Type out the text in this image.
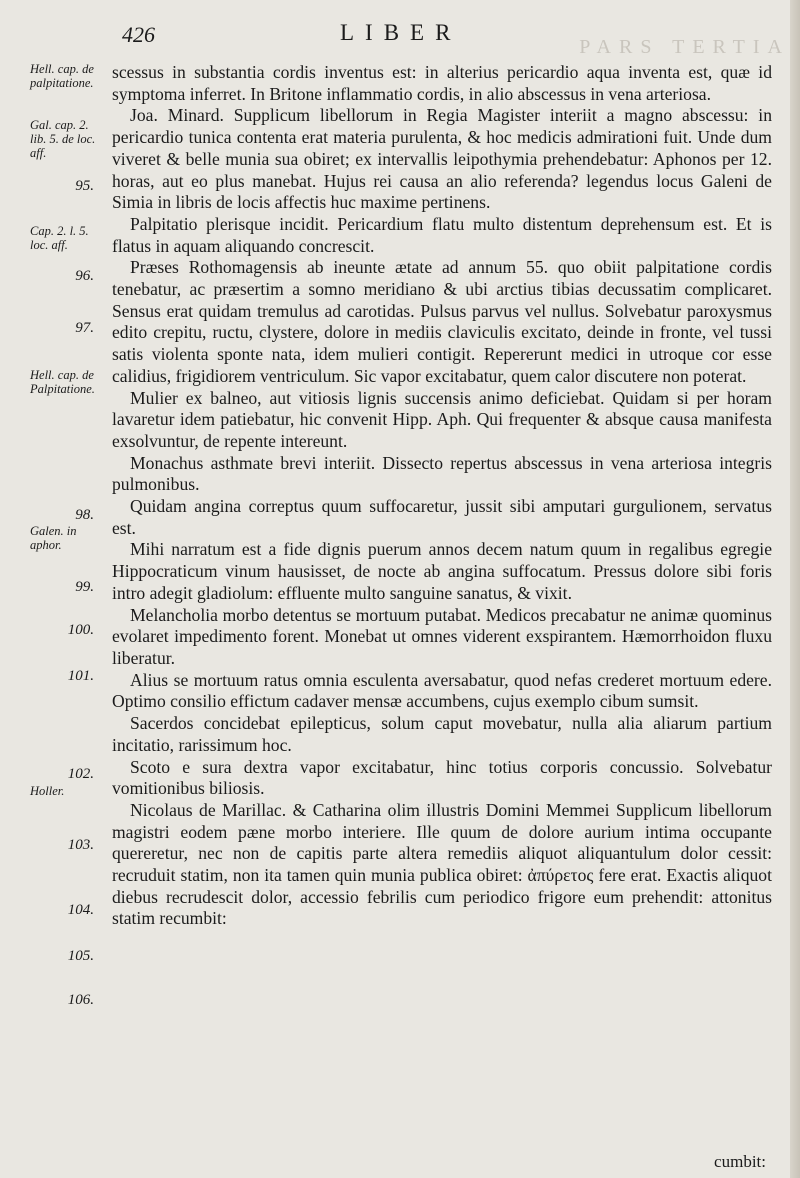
426	LIBER
PARS TERTIA
Hell. cap. de palpitatione.
Gal. cap. 2. lib. 5. de loc. aff.
95.
Cap. 2. l. 5. loc. aff.
96.
97.
Hell. cap. de Palpitatione.
98.
Galen. in aphor.
99.
100.
101.
102.
Holler.
103.
104.
105.
106.

scessus in substantia cordis inventus est: in alterius pericardio aqua inventa est, quæ id symptoma inferret. In Britone inflammatio cordis, in alio abscessus in vena arteriosa.

Joa. Minard. Supplicum libellorum in Regia Magister interiit a magno abscessu: in pericardio tunica contenta erat materia purulenta, & hoc medicis admirationi fuit. Unde dum viveret & belle munia sua obiret; ex intervallis leipothymia prehendebatur: Aphonos per 12. horas, aut eo plus manebat. Hujus rei causa an alio referenda? legendus locus Galeni de Simia in libris de locis affectis huc maxime pertinens.

Palpitatio plerisque incidit. Pericardium flatu multo distentum deprehensum est. Et is flatus in aquam aliquando concrescit.

Præses Rothomagensis ab ineunte ætate ad annum 55. quo obiit palpitatione cordis tenebatur, ac præsertim a somno meridiano & ubi arctius tibias decussatim complicaret. Sensus erat quidam tremulus ad carotidas. Pulsus parvus vel nullus. Solvebatur paroxysmus edito crepitu, ructu, clystere, dolore in mediis claviculis excitato, deinde in fronte, vel tussi satis violenta sponte nata, idem mulieri contigit. Repererunt medici in utroque cor esse calidius, frigidiorem ventriculum. Sic vapor excitabatur, quem calor discutere non poterat.

Mulier ex balneo, aut vitiosis lignis succensis animo deficiebat. Quidam si per horam lavaretur idem patiebatur, hic convenit Hipp. Aph. Qui frequenter & absque causa manifesta exsolvuntur, de repente intereunt.

Monachus asthmate brevi interiit. Dissecto repertus abscessus in vena arteriosa integris pulmonibus.

Quidam angina correptus quum suffocaretur, jussit sibi amputari gurgulionem, servatus est.

Mihi narratum est a fide dignis puerum annos decem natum quum in regalibus egregie Hippocraticum vinum hausisset, de nocte ab angina suffocatum. Pressus dolore sibi foris intro adegit gladiolum: effluente multo sanguine sanatus, & vixit.

Melancholia morbo detentus se mortuum putabat. Medicos precabatur ne animæ quominus evolaret impedimento forent. Monebat ut omnes viderent exspirantem. Hæmorrhoidon fluxu liberatur.

Alius se mortuum ratus omnia esculenta aversabatur, quod nefas crederet mortuum edere. Optimo consilio effictum cadaver mensæ accumbens, cujus exemplo cibum sumsit.

Sacerdos concidebat epilepticus, solum caput movebatur, nulla alia aliarum partium incitatio, rarissimum hoc.

Scoto e sura dextra vapor excitabatur, hinc totius corporis concussio. Solvebatur vomitionibus biliosis.

Nicolaus de Marillac. & Catharina olim illustris Domini Memmei Supplicum libellorum magistri eodem pæne morbo interiere. Ille quum de dolore aurium intima occupante quereretur, nec non de capitis parte altera remediis aliquot aliquantulum dolor cessit: recruduit statim, non ita tamen quin munia publica obiret: ἀπύρετος fere erat. Exactis aliquot diebus recrudescit dolor, accessio febrilis cum periodico frigore eum prehendit: attonitus statim recumbit:

cumbit:
